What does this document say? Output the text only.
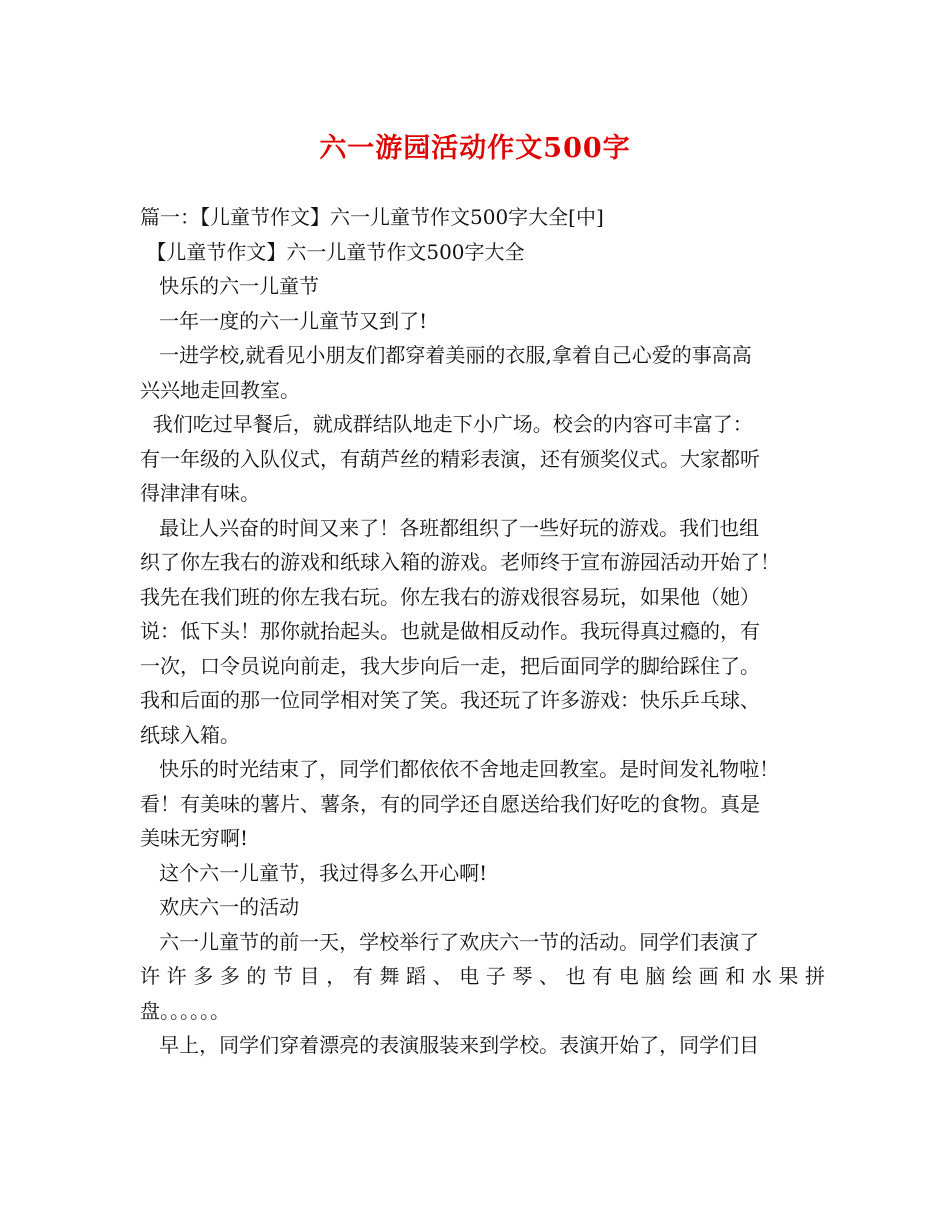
六一游园活动作文500字
篇一：【儿童节作文】六一儿童节作文500字大全[中]
【儿童节作文】六一儿童节作文500字大全
快乐的六一儿童节
一年一度的六一儿童节又到了!
一进学校,就看见小朋友们都穿着美丽的衣服,拿着自己心爱的事高高
兴兴地走回教室。
我们吃过早餐后，就成群结队地走下小广场。校会的内容可丰富了：
有一年级的入队仪式，有葫芦丝的精彩表演，还有颁奖仪式。大家都听
得津津有味。
最让人兴奋的时间又来了！各班都组织了一些好玩的游戏。我们也组
织了你左我右的游戏和纸球入箱的游戏。老师终于宣布游园活动开始了！
我先在我们班的你左我右玩。你左我右的游戏很容易玩，如果他（她）
说：低下头！那你就抬起头。也就是做相反动作。我玩得真过瘾的，有
一次，口令员说向前走，我大步向后一走，把后面同学的脚给踩住了。
我和后面的那一位同学相对笑了笑。我还玩了许多游戏：快乐乒乓球、
纸球入箱。
快乐的时光结束了，同学们都依依不舍地走回教室。是时间发礼物啦！
看！有美味的薯片、薯条，有的同学还自愿送给我们好吃的食物。真是
美味无穷啊!
这个六一儿童节，我过得多么开心啊!
欢庆六一的活动
六一儿童节的前一天，学校举行了欢庆六一节的活动。同学们表演了
许许多多的节目，有舞蹈、电子琴、也有电脑绘画和水果拼
盘。。。。。。
早上，同学们穿着漂亮的表演服装来到学校。表演开始了，同学们目
